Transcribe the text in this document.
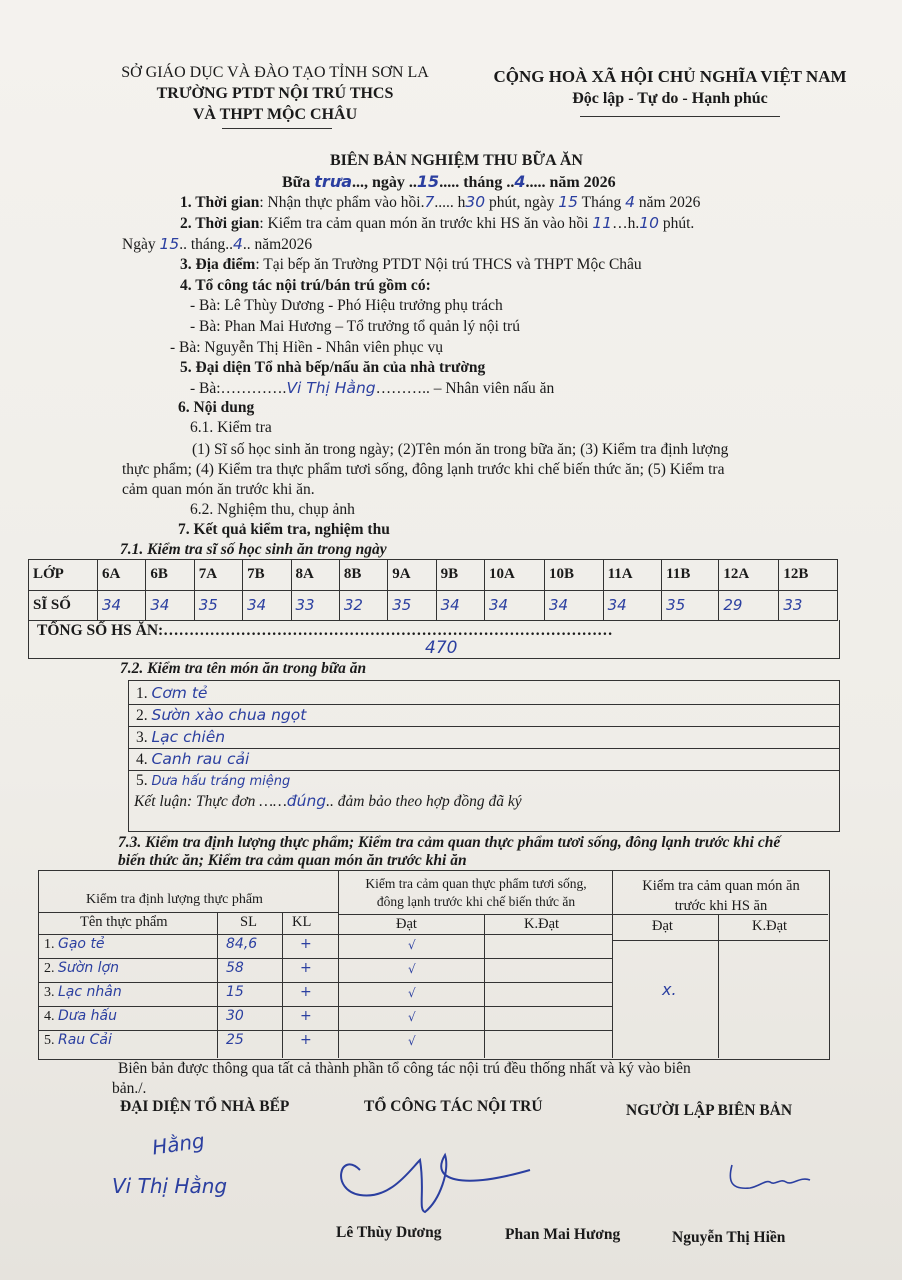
SỞ GIÁO DỤC VÀ ĐÀO TẠO TỈNH SƠN LA
TRƯỜNG PTDT NỘI TRÚ THCS
VÀ THPT MỘC CHÂU
CỘNG HOÀ XÃ HỘI CHỦ NGHĨA VIỆT NAM
Độc lập - Tự do - Hạnh phúc
BIÊN BẢN NGHIỆM THU BỮA ĂN
Bữa trưa..., ngày ..15..... tháng ..4..... năm 2026
1. Thời gian: Nhận thực phẩm vào hồi.7..... h30 phút, ngày 15 Tháng 4 năm 2026
2. Thời gian: Kiểm tra cảm quan món ăn trước khi HS ăn vào hồi 11…h.10 phút.
Ngày 15.. tháng..4.. năm2026
3. Địa điểm: Tại bếp ăn Trường PTDT Nội trú THCS và THPT Mộc Châu
4. Tổ công tác nội trú/bán trú gồm có:
- Bà: Lê Thùy Dương - Phó Hiệu trưởng phụ trách
- Bà: Phan Mai Hương – Tổ trưởng tổ quản lý nội trú
- Bà: Nguyễn Thị Hiền - Nhân viên phục vụ
5. Đại diện Tổ nhà bếp/nấu ăn của nhà trường
- Bà:………….Vi Thị Hằng……….. – Nhân viên nấu ăn
6. Nội dung
6.1. Kiểm tra
(1) Sĩ số học sinh ăn trong ngày; (2)Tên món ăn trong bữa ăn; (3) Kiểm tra định lượng
thực phẩm; (4) Kiểm tra thực phẩm tươi sống, đông lạnh trước khi chế biến thức ăn; (5) Kiểm tra
cảm quan món ăn trước khi ăn.
6.2. Nghiệm thu, chụp ảnh
7. Kết quả kiểm tra, nghiệm thu
7.1. Kiểm tra sĩ số học sinh ăn trong ngày
LỚP	6A	6B	7A	7B	8A	8B	9A	9B	10A	10B	11A	11B	12A	12B
SĨ SỐ	34	34	35	34	33	32	35	34	34	34	34	35	29	33
TỔNG SỐ HS ĂN:……………………………………………………………………………
470
7.2. Kiểm tra tên món ăn trong bữa ăn
1. Cơm tẻ
2. Sườn xào chua ngọt
3. Lạc chiên
4. Canh rau cải
5. Dưa hấu tráng miệng
Kết luận: Thực đơn ……đúng.. đảm bảo theo hợp đồng đã ký
7.3. Kiểm tra định lượng thực phẩm; Kiểm tra cảm quan thực phẩm tươi sống, đông lạnh trước khi chế
biến thức ăn; Kiểm tra cảm quan món ăn trước khi ăn
Kiểm tra định lượng thực phẩm
Kiểm tra cảm quan thực phẩm tươi sống,
đông lạnh trước khi chế biến thức ăn
Kiểm tra cảm quan món ăn
trước khi HS ăn
Tên thực phẩm	SL KL	Đạt	K.Đạt	Đạt	K.Đạt
1. Gạo tẻ	84,6	+	√
2. Sườn lợn	58	+	√
3. Lạc nhân	15	+	√
4. Dưa hấu	30	+	√
5. Rau Cải	25	+	√
x.
Biên bản được thông qua tất cả thành phần tổ công tác nội trú đều thống nhất và ký vào biên
bản./.
ĐẠI DIỆN TỔ NHÀ BẾP	TỔ CÔNG TÁC NỘI TRÚ	NGƯỜI LẬP BIÊN BẢN
Hằng
Vi Thị Hằng
Lê Thùy Dương	Phan Mai Hương	Nguyễn Thị Hiền
